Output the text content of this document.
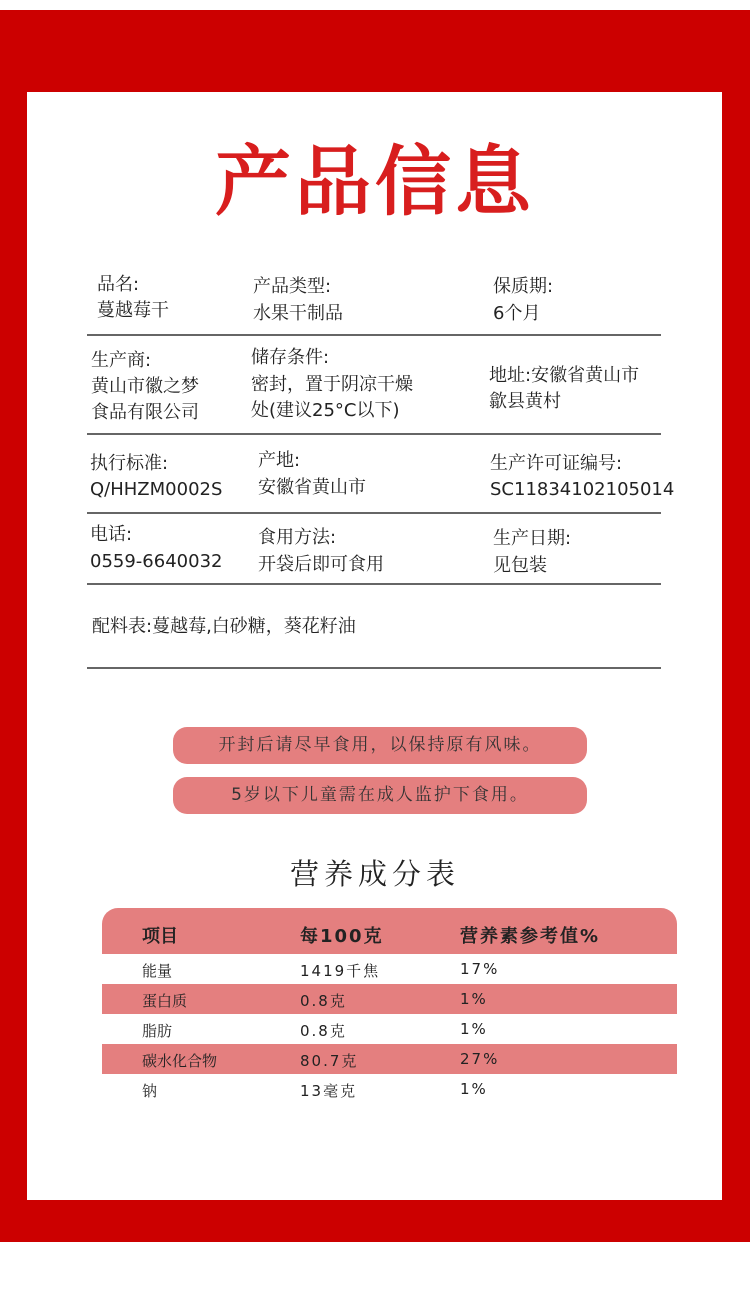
产品信息
品名:
蔓越莓干
产品类型:
水果干制品
保质期:
6个月
生产商:
黄山市徽之梦
食品有限公司
储存条件:
密封，置于阴凉干燥
处(建议25°C以下)
地址:安徽省黄山市
歙县黄村
执行标准:
Q/HHZM0002S
产地:
安徽省黄山市
生产许可证编号:
SC11834102105014
电话:
0559-6640032
食用方法:
开袋后即可食用
生产日期:
见包装
配料表:蔓越莓,白砂糖，葵花籽油
开封后请尽早食用，以保持原有风味。
5岁以下儿童需在成人监护下食用。
营养成分表
项目	每100克	营养素参考值%
能量	1419千焦	17%
蛋白质	0.8克	1%
脂肪	0.8克	1%
碳水化合物	80.7克	27%
钠	13毫克	1%
